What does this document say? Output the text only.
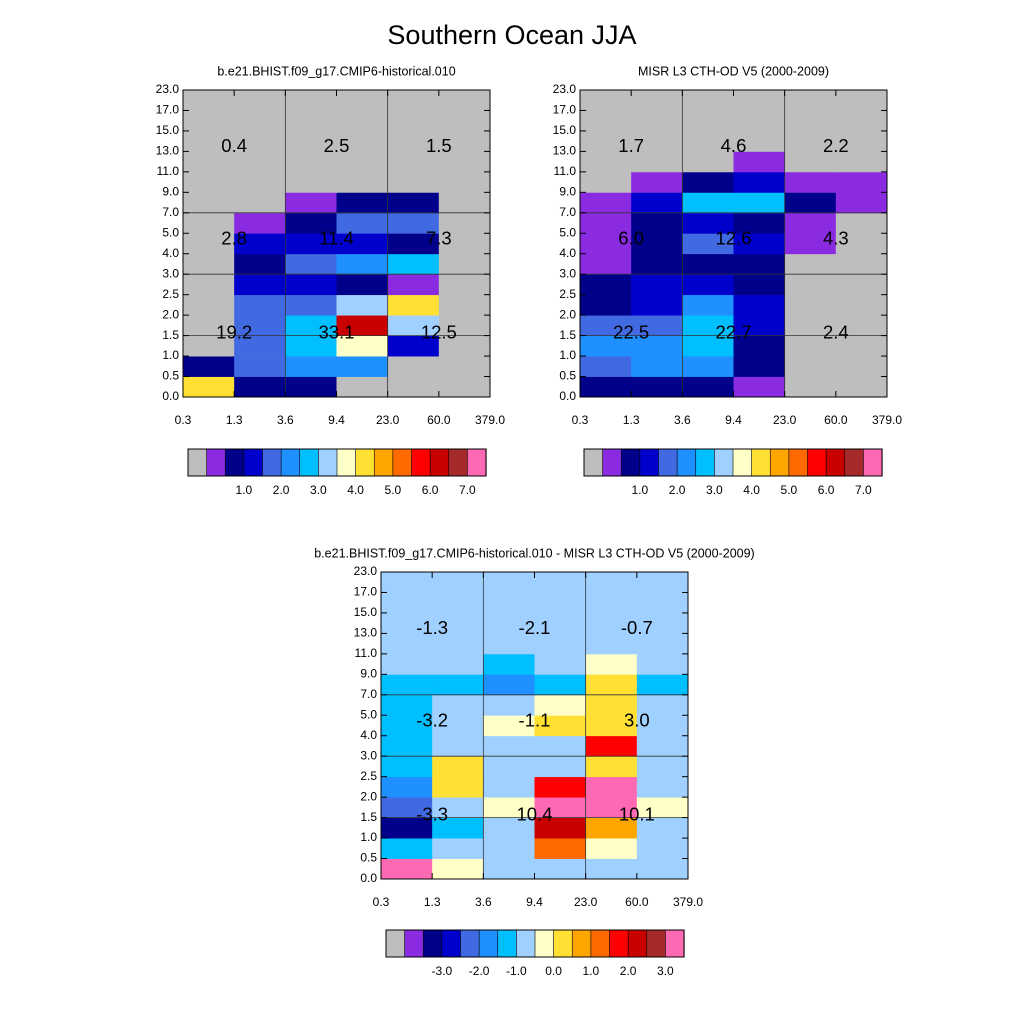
Southern Ocean JJA
b.e21.BHIST.f09_g17.CMIP6-historical.010
0.0
0.5
1.0
1.5
2.0
2.5
3.0
4.0
5.0
7.0
9.0
11.0
13.0
15.0
17.0
23.0
0.3	1.3	3.6	9.4	23.0 60.0 379.0
0.4	2.5	1.5
2.8	11.4	7.3
19.2	33.1	12.5
1.0 2.0 3.0 4.0 5.0 6.0 7.0
MISR L3 CTH-OD V5 (2000-2009)
0.0
0.5
1.0
1.5
2.0
2.5
3.0
4.0
5.0
7.0
9.0
11.0
13.0
15.0
17.0
23.0
0.3	1.3	3.6	9.4	23.0 60.0 379.0
1.7	4.6	2.2
6.0	12.6	4.3
22.5	22.7	2.4
1.0 2.0 3.0 4.0 5.0 6.0 7.0
b.e21.BHIST.f09_g17.CMIP6-historical.010 - MISR L3 CTH-OD V5 (2000-2009)
0.0
0.5
1.0
1.5
2.0
2.5
3.0
4.0
5.0
7.0
9.0
11.0
13.0
15.0
17.0
23.0
0.3	1.3	3.6	9.4	23.0 60.0 379.0
-1.3	-2.1	-0.7
-3.2	-1.1	3.0
-3.3	10.4	10.1
-3.0 -2.0 -1.0 0.0 1.0 2.0 3.0
